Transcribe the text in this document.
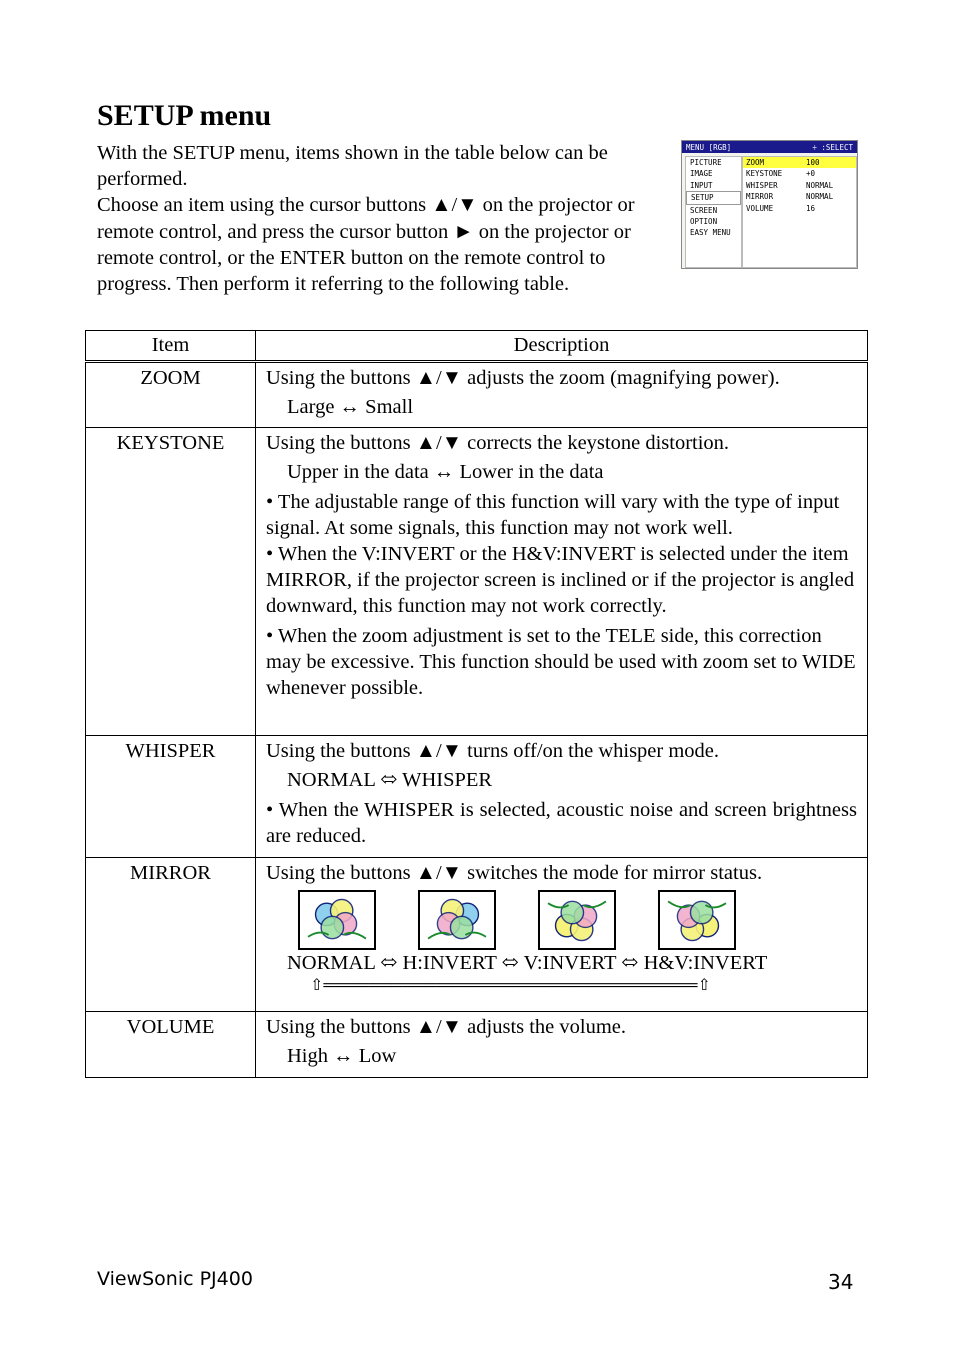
SETUP menu

With the SETUP menu, items shown in the table below can be performed.

Choose an item using the cursor buttons ▲/▼ on the projector or remote control, and press the cursor button ► on the projector or remote control, or the ENTER button on the remote control to progress. Then perform it referring to the following table.

MENU [RGB]	÷ :SELECT
PICTURE
IMAGE
INPUT
SETUP
SCREEN
OPTION
EASY MENU
ZOOM	100
KEYSTONE	+0
WHISPER	NORMAL
MIRROR	NORMAL
VOLUME	16
Item	Description
ZOOM	Using the buttons ▲/▼ adjusts the zoom (magnifying power).

Large ↔ Small

KEYSTONE	Using the buttons ▲/▼ corrects the keystone distortion.

Upper in the data ↔ Lower in the data

• The adjustable range of this function will vary with the type of input signal. At some signals, this function may not work well.

• When the V:INVERT or the H&V:INVERT is selected under the item MIRROR, if the projector screen is inclined or if the projector is angled downward, this function may not work correctly.

• When the zoom adjustment is set to the TELE side, this correction may be excessive. This function should be used with zoom set to WIDE whenever possible.

WHISPER	Using the buttons ▲/▼ turns off/on the whisper mode.

NORMAL ⬄ WHISPER

• When the WHISPER is selected, acoustic noise and screen brightness are reduced.

MIRROR	Using the buttons ▲/▼ switches the mode for mirror status.

NORMAL ⬄ H:INVERT ⬄ V:INVERT ⬄ H&V:INVERT

⇧═════════════════════════════════⇧

VOLUME	Using the buttons ▲/▼ adjusts the volume.

High ↔ Low

ViewSonic PJ400	34
